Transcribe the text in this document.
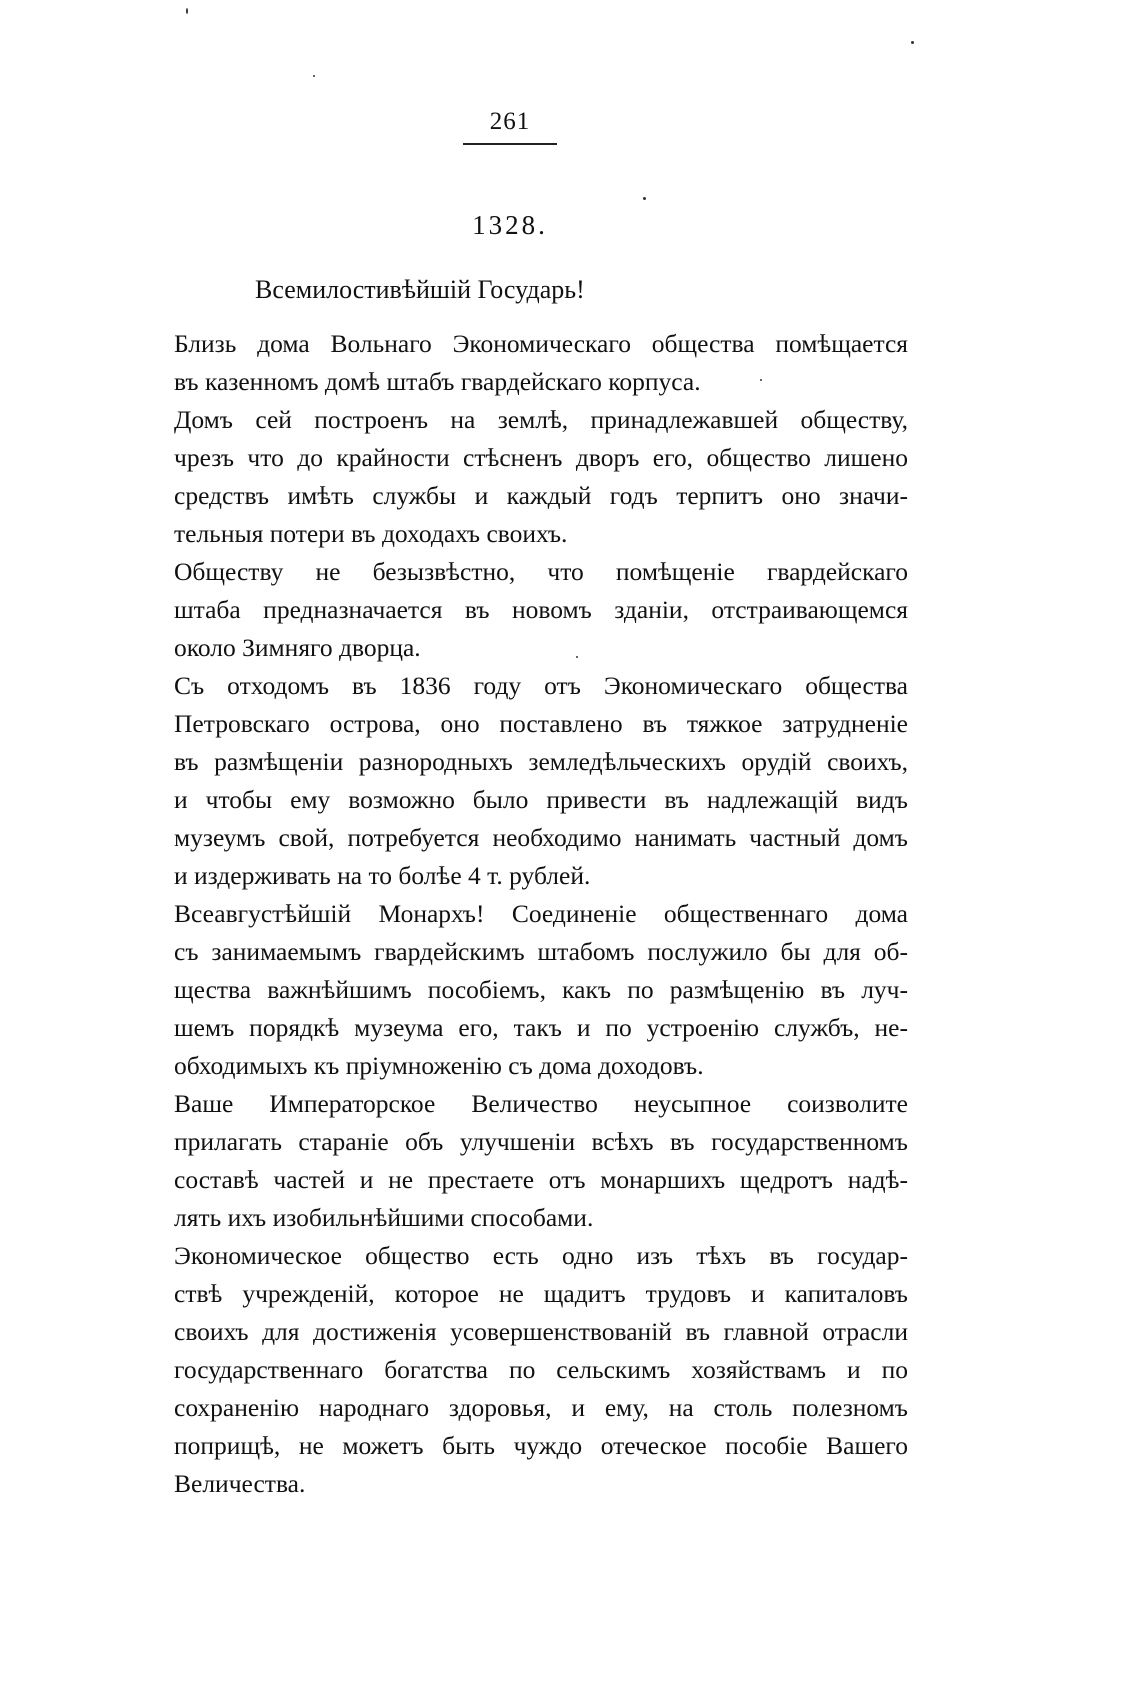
261
1328.
Всемилостивѣйшій Государь!
Близь дома Вольнаго Экономическаго общества помѣщается
въ казенномъ домѣ штабъ гвардейскаго корпуса.
Домъ сей построенъ на землѣ, принадлежавшей обществу,
чрезъ что до крайности стѣсненъ дворъ его, общество лишено
средствъ имѣть службы и каждый годъ терпитъ оно значи-
тельныя потери въ доходахъ своихъ.
Обществу не безызвѣстно, что помѣщеніе гвардейскаго
штаба предназначается въ новомъ зданіи, отстраивающемся
около Зимняго дворца.
Съ отходомъ въ 1836 году отъ Экономическаго общества
Петровскаго острова, оно поставлено въ тяжкое затрудненіе
въ размѣщеніи разнородныхъ земледѣльческихъ орудій своихъ,
и чтобы ему возможно было привести въ надлежащій видъ
музеумъ свой, потребуется необходимо нанимать частный домъ
и издерживать на то болѣе 4 т. рублей.
Всеавгустѣйшій Монархъ! Соединеніе общественнаго дома
съ занимаемымъ гвардейскимъ штабомъ послужило бы для об-
щества важнѣйшимъ пособіемъ, какъ по размѣщенію въ луч-
шемъ порядкѣ музеума его, такъ и по устроенію службъ, не-
обходимыхъ къ пріумноженію съ дома доходовъ.
Ваше Императорское Величество неусыпное соизволите
прилагать стараніе объ улучшеніи всѣхъ въ государственномъ
составѣ частей и не престаете отъ монаршихъ щедротъ надѣ-
лять ихъ изобильнѣйшими способами.
Экономическое общество есть одно изъ тѣхъ въ государ-
ствѣ учрежденій, которое не щадитъ трудовъ и капиталовъ
своихъ для достиженія усовершенствованій въ главной отрасли
государственнаго богатства по сельскимъ хозяйствамъ и по
сохраненію народнаго здоровья, и ему, на столь полезномъ
поприщѣ, не можетъ быть чуждо отеческое пособіе Вашего
Величества.
